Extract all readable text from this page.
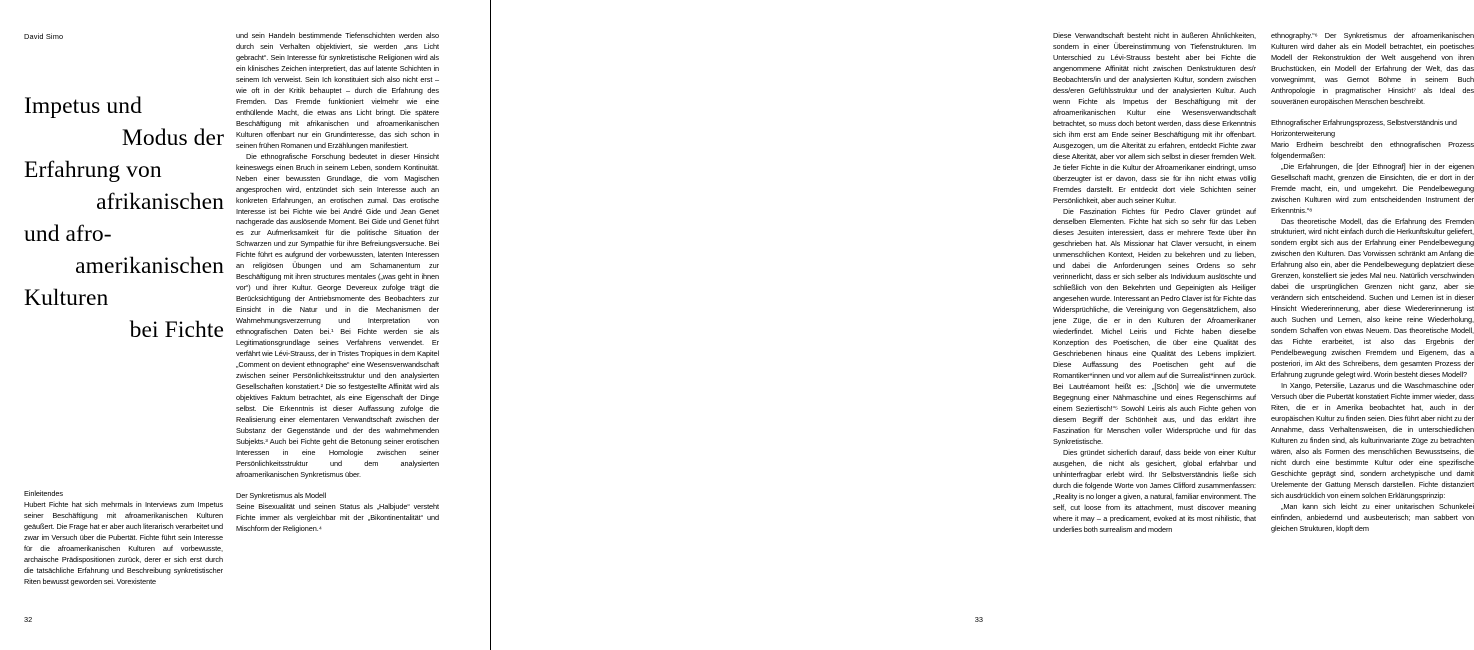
David Simo
Impetus und
Modus der
Erfahrung von
afrikanischen
und afro-
amerikanischen
Kulturen
bei Fichte

Einleitendes

Hubert Fichte hat sich mehrmals in Interviews zum Impetus seiner Beschäftigung mit afroamerikanischen Kulturen geäußert. Die Frage hat er aber auch literarisch verarbeitet und zwar im Versuch über die Pubertät. Fichte führt sein Interesse für die afroamerikanischen Kulturen auf vorbewusste, archaische Prädispositionen zurück, derer er sich erst durch die tatsächliche Erfahrung und Beschreibung synkretistischer Riten bewusst geworden sei. Vorexistente

und sein Handeln bestimmende Tiefenschichten werden also durch sein Verhalten objektiviert, sie werden „ans Licht gebracht“. Sein Interesse für synkretistische Religionen wird als ein klinisches Zeichen interpretiert, das auf latente Schichten in seinem Ich verweist. Sein Ich konstituiert sich also nicht erst – wie oft in der Kritik behauptet – durch die Erfahrung des Fremden. Das Fremde funktioniert vielmehr wie eine enthüllende Macht, die etwas ans Licht bringt. Die spätere Beschäftigung mit afrikanischen und afroamerikanischen Kulturen offenbart nur ein Grundinteresse, das sich schon in seinen frühen Romanen und Erzählungen manifestiert.

Die ethnografische Forschung bedeutet in dieser Hinsicht keineswegs einen Bruch in seinem Leben, sondern Kontinuität. Neben einer bewussten Grundlage, die vom Magischen angesprochen wird, entzündet sich sein Interesse auch an konkreten Erfahrungen, an erotischen zumal. Das erotische Interesse ist bei Fichte wie bei André Gide und Jean Genet nachgerade das auslösende Moment. Bei Gide und Genet führt es zur Aufmerksamkeit für die politische Situation der Schwarzen und zur Sympathie für ihre Befreiungsversuche. Bei Fichte führt es aufgrund der vorbewussten, latenten Interessen an religiösen Übungen und am Schamanentum zur Beschäftigung mit ihren structures mentales („was geht in ihnen vor“) und ihrer Kultur. George Devereux zufolge trägt die Berücksichtigung der Antriebsmomente des Beobachters zur Einsicht in die Natur und in die Mechanismen der Wahrnehmungsverzerrung und Interpretation von ethnografischen Daten bei.¹ Bei Fichte werden sie als Legitimationsgrundlage seines Verfahrens verwendet. Er verfährt wie Lévi-Strauss, der in Tristes Tropiques in dem Kapitel „Comment on devient ethnographe“ eine Wesensverwandschaft zwischen seiner Persönlichkeitsstruktur und den analysierten Gesellschaften konstatiert.² Die so festgestellte Affinität wird als objektives Faktum betrachtet, als eine Eigenschaft der Dinge selbst. Die Erkenntnis ist dieser Auffassung zufolge die Realisierung einer elementaren Verwandtschaft zwischen der Substanz der Gegenstände und der des wahrnehmenden Subjekts.³ Auch bei Fichte geht die Betonung seiner erotischen Interessen in eine Homologie zwischen seiner Persönlichkeitsstruktur und dem analysierten afroamerikanischen Synkretismus über.

Der Synkretismus als Modell

Seine Bisexualität und seinen Status als „Halbjude“ versteht Fichte immer als vergleichbar mit der „Bikontinentalität“ und Mischform der Religionen.⁴

32

Diese Verwandtschaft besteht nicht in äußeren Ähnlichkeiten, sondern in einer Übereinstimmung von Tiefenstrukturen. Im Unterschied zu Lévi-Strauss besteht aber bei Fichte die angenommene Affinität nicht zwischen Denkstrukturen des/r Beobachters/in und der analysierten Kultur, sondern zwischen dess/eren Gefühlsstruktur und der analysierten Kultur. Auch wenn Fichte als Impetus der Beschäftigung mit der afroamerikanischen Kultur eine Wesensverwandtschaft betrachtet, so muss doch betont werden, dass diese Erkenntnis sich ihm erst am Ende seiner Beschäftigung mit ihr offenbart. Ausgezogen, um die Alterität zu erfahren, entdeckt Fichte zwar diese Alterität, aber vor allem sich selbst in dieser fremden Welt. Je tiefer Fichte in die Kultur der Afroamerikaner eindringt, umso überzeugter ist er davon, dass sie für ihn nicht etwas völlig Fremdes darstellt. Er entdeckt dort viele Schichten seiner Persönlichkeit, aber auch seiner Kultur.

Die Faszination Fichtes für Pedro Claver gründet auf denselben Elementen. Fichte hat sich so sehr für das Leben dieses Jesuiten interessiert, dass er mehrere Texte über ihn geschrieben hat. Als Missionar hat Claver versucht, in einem unmenschlichen Kontext, Heiden zu bekehren und zu lieben, und dabei die Anforderungen seines Ordens so sehr verinnerlicht, dass er sich selber als Individuum auslöschte und schließlich von den Bekehrten und Gepeinigten als Heiliger angesehen wurde. Interessant an Pedro Claver ist für Fichte das Widersprüchliche, die Vereinigung von Gegensätzlichem, also jene Züge, die er in den Kulturen der Afroamerikaner wiederfindet. Michel Leiris und Fichte haben dieselbe Konzeption des Poetischen, die über eine Qualität des Geschriebenen hinaus eine Qualität des Lebens impliziert. Diese Auffassung des Poetischen geht auf die Romantiker*innen und vor allem auf die Surrealist*innen zurück. Bei Lautréamont heißt es: „[Schön] wie die unvermutete Begegnung einer Nähmaschine und eines Regenschirms auf einem Seziertisch!“⁵ Sowohl Leiris als auch Fichte gehen von diesem Begriff der Schönheit aus, und das erklärt ihre Faszination für Menschen voller Widersprüche und für das Synkretistische.

Dies gründet sicherlich darauf, dass beide von einer Kultur ausgehen, die nicht als gesichert, global erfahrbar und unhinterfragbar erlebt wird. Ihr Selbstverständnis ließe sich durch die folgende Worte von James Clifford zusammenfassen: „Reality is no longer a given, a natural, familiar environment. The self, cut loose from its attachment, must discover meaning where it may – a predicament, evoked at its most nihilistic, that underlies both surrealism and modern

ethnography.“⁶ Der Synkretismus der afroamerikanischen Kulturen wird daher als ein Modell betrachtet, ein poetisches Modell der Rekonstruktion der Welt ausgehend von ihren Bruchstücken, ein Modell der Erfahrung der Welt, das das vorwegnimmt, was Gernot Böhme in seinem Buch Anthropologie in pragmatischer Hinsicht⁷ als Ideal des souveränen europäischen Menschen beschreibt.

Ethnografischer Erfahrungsprozess, Selbstverständnis und Horizonterweiterung

Mario Erdheim beschreibt den ethnografischen Prozess folgendermaßen:

„Die Erfahrungen, die [der Ethnograf] hier in der eigenen Gesellschaft macht, grenzen die Einsichten, die er dort in der Fremde macht, ein, und umgekehrt. Die Pendelbewegung zwischen Kulturen wird zum entscheidenden Instrument der Erkenntnis.“⁸

Das theoretische Modell, das die Erfahrung des Fremden strukturiert, wird nicht einfach durch die Herkunftskultur geliefert, sondern ergibt sich aus der Erfahrung einer Pendelbewegung zwischen den Kulturen. Das Vorwissen schränkt am Anfang die Erfahrung also ein, aber die Pendelbewegung deplatziert diese Grenzen, konstelliert sie jedes Mal neu. Natürlich verschwinden dabei die ursprünglichen Grenzen nicht ganz, aber sie verändern sich entscheidend. Suchen und Lernen ist in dieser Hinsicht Wiedererinnerung, aber diese Wiedererinnerung ist auch Suchen und Lernen, also keine reine Wiederholung, sondern Schaffen von etwas Neuem. Das theoretische Modell, das Fichte erarbeitet, ist also das Ergebnis der Pendelbewegung zwischen Fremdem und Eigenem, das a posteriori, im Akt des Schreibens, dem gesamten Prozess der Erfahrung zugrunde gelegt wird. Worin besteht dieses Modell?

In Xango, Petersilie, Lazarus und die Waschmaschine oder Versuch über die Pubertät konstatiert Fichte immer wieder, dass Riten, die er in Amerika beobachtet hat, auch in der europäischen Kultur zu finden seien. Dies führt aber nicht zu der Annahme, dass Verhaltensweisen, die in unterschiedlichen Kulturen zu finden sind, als kulturinvariante Züge zu betrachten wären, also als Formen des menschlichen Bewusstseins, die nicht durch eine bestimmte Kultur oder eine spezifische Geschichte geprägt sind, sondern archetypische und damit Urelemente der Gattung Mensch darstellen. Fichte distanziert sich ausdrücklich von einem solchen Erklärungsprinzip:

„Man kann sich leicht zu einer unitarischen Schunkelei einfinden, anbiedernd und ausbeuterisch; man sabbert von gleichen Strukturen, klopft dem

33
